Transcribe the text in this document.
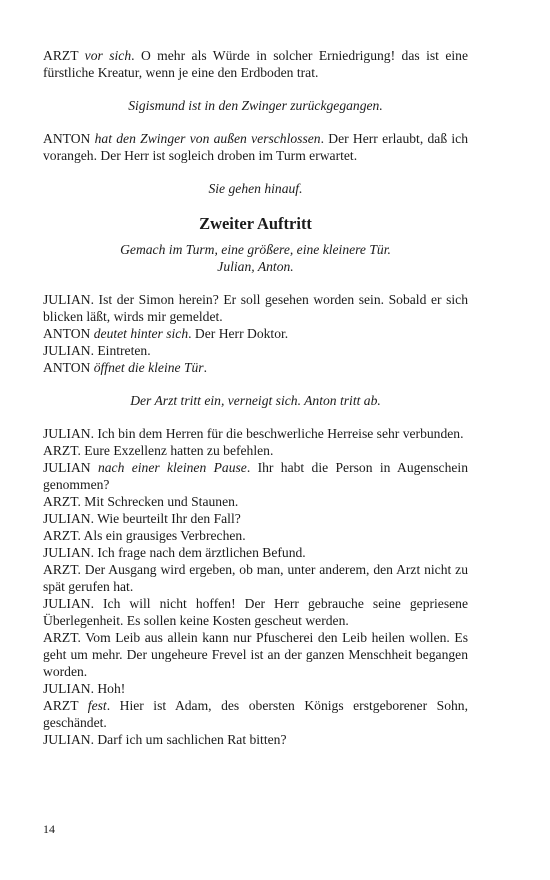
ARZT vor sich. O mehr als Würde in solcher Erniedrigung! das ist eine fürstliche Kreatur, wenn je eine den Erdboden trat.

Sigismund ist in den Zwinger zurückgegangen.

ANTON hat den Zwinger von außen verschlossen. Der Herr erlaubt, daß ich vorangeh. Der Herr ist sogleich droben im Turm erwartet.

Sie gehen hinauf.

Zweiter Auftritt

Gemach im Turm, eine größere, eine kleinere Tür.

Julian, Anton.

JULIAN. Ist der Simon herein? Er soll gesehen worden sein. Sobald er sich blicken läßt, wirds mir gemeldet.

ANTON deutet hinter sich. Der Herr Doktor.

JULIAN. Eintreten.

ANTON öffnet die kleine Tür.

Der Arzt tritt ein, verneigt sich. Anton tritt ab.

JULIAN. Ich bin dem Herren für die beschwerliche Herreise sehr verbunden.

ARZT. Eure Exzellenz hatten zu befehlen.

JULIAN nach einer kleinen Pause. Ihr habt die Person in Augenschein genommen?

ARZT. Mit Schrecken und Staunen.

JULIAN. Wie beurteilt Ihr den Fall?

ARZT. Als ein grausiges Verbrechen.

JULIAN. Ich frage nach dem ärztlichen Befund.

ARZT. Der Ausgang wird ergeben, ob man, unter anderem, den Arzt nicht zu spät gerufen hat.

JULIAN. Ich will nicht hoffen! Der Herr gebrauche seine gepriesene Überlegenheit. Es sollen keine Kosten gescheut werden.

ARZT. Vom Leib aus allein kann nur Pfuscherei den Leib heilen wollen. Es geht um mehr. Der ungeheure Frevel ist an der ganzen Menschheit begangen worden.

JULIAN. Hoh!

ARZT fest. Hier ist Adam, des obersten Königs erstgeborener Sohn, geschändet.

JULIAN. Darf ich um sachlichen Rat bitten?

14
